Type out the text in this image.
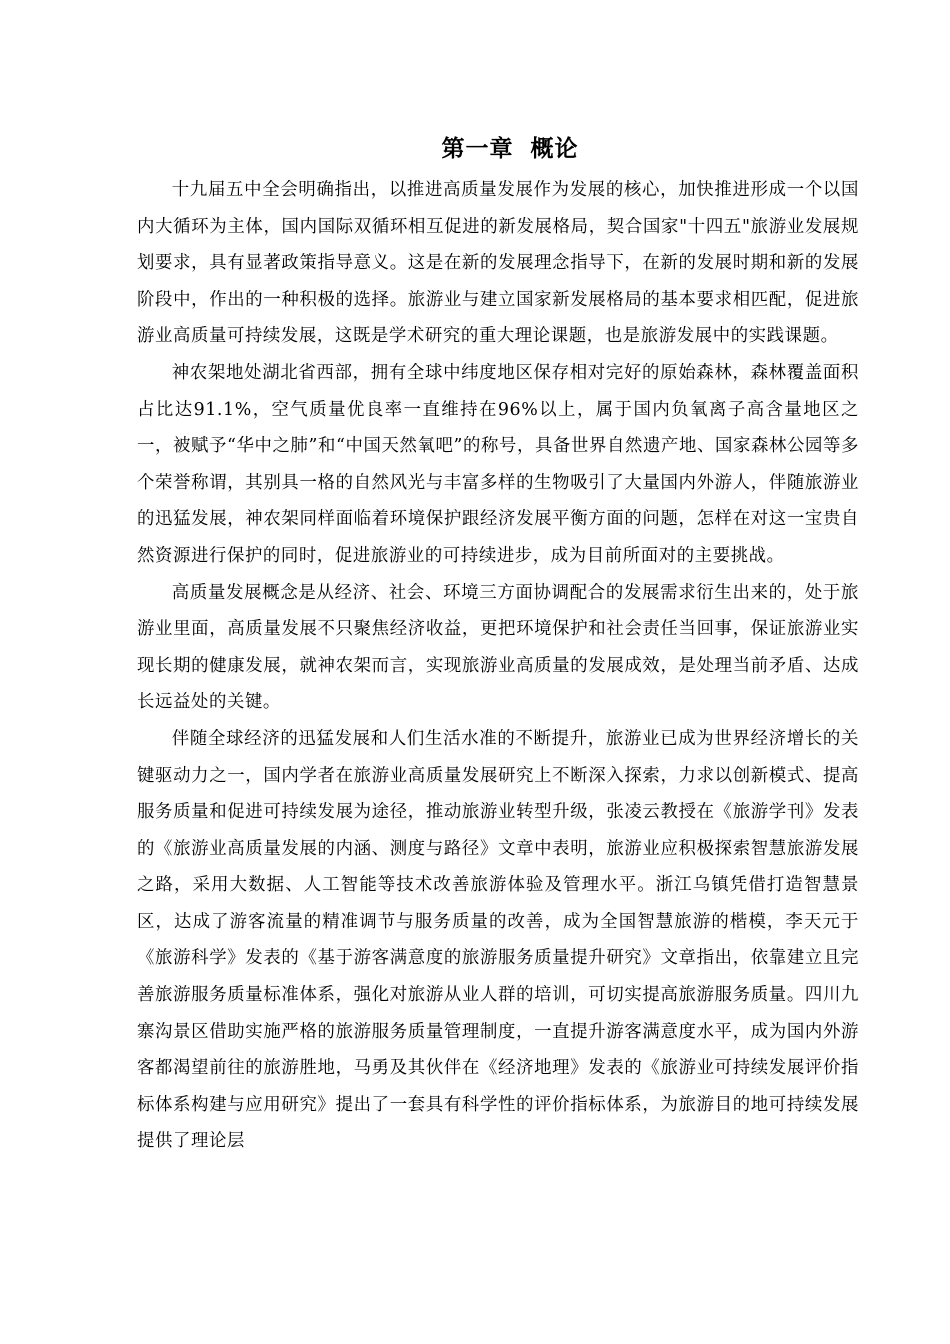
第一章 概论

十九届五中全会明确指出，以推进高质量发展作为发展的核心，加快推进形成一个以国内大循环为主体，国内国际双循环相互促进的新发展格局，契合国家"十四五"旅游业发展规划要求，具有显著政策指导意义。这是在新的发展理念指导下，在新的发展时期和新的发展阶段中，作出的一种积极的选择。旅游业与建立国家新发展格局的基本要求相匹配，促进旅游业高质量可持续发展，这既是学术研究的重大理论课题，也是旅游发展中的实践课题。

神农架地处湖北省西部，拥有全球中纬度地区保存相对完好的原始森林，森林覆盖面积占比达91.1%，空气质量优良率一直维持在96%以上，属于国内负氧离子高含量地区之一，被赋予“华中之肺”和“中国天然氧吧”的称号，具备世界自然遗产地、国家森林公园等多个荣誉称谓，其别具一格的自然风光与丰富多样的生物吸引了大量国内外游人，伴随旅游业的迅猛发展，神农架同样面临着环境保护跟经济发展平衡方面的问题，怎样在对这一宝贵自然资源进行保护的同时，促进旅游业的可持续进步，成为目前所面对的主要挑战。

高质量发展概念是从经济、社会、环境三方面协调配合的发展需求衍生出来的，处于旅游业里面，高质量发展不只聚焦经济收益，更把环境保护和社会责任当回事，保证旅游业实现长期的健康发展，就神农架而言，实现旅游业高质量的发展成效，是处理当前矛盾、达成长远益处的关键。

伴随全球经济的迅猛发展和人们生活水准的不断提升，旅游业已成为世界经济增长的关键驱动力之一，国内学者在旅游业高质量发展研究上不断深入探索，力求以创新模式、提高服务质量和促进可持续发展为途径，推动旅游业转型升级，张凌云教授在《旅游学刊》发表的《旅游业高质量发展的内涵、测度与路径》文章中表明，旅游业应积极探索智慧旅游发展之路，采用大数据、人工智能等技术改善旅游体验及管理水平。浙江乌镇凭借打造智慧景区，达成了游客流量的精准调节与服务质量的改善，成为全国智慧旅游的楷模，李天元于《旅游科学》发表的《基于游客满意度的旅游服务质量提升研究》文章指出，依靠建立且完善旅游服务质量标准体系，强化对旅游从业人群的培训，可切实提高旅游服务质量。四川九寨沟景区借助实施严格的旅游服务质量管理制度，一直提升游客满意度水平，成为国内外游客都渴望前往的旅游胜地，马勇及其伙伴在《经济地理》发表的《旅游业可持续发展评价指标体系构建与应用研究》提出了一套具有科学性的评价指标体系，为旅游目的地可持续发展提供了理论层
